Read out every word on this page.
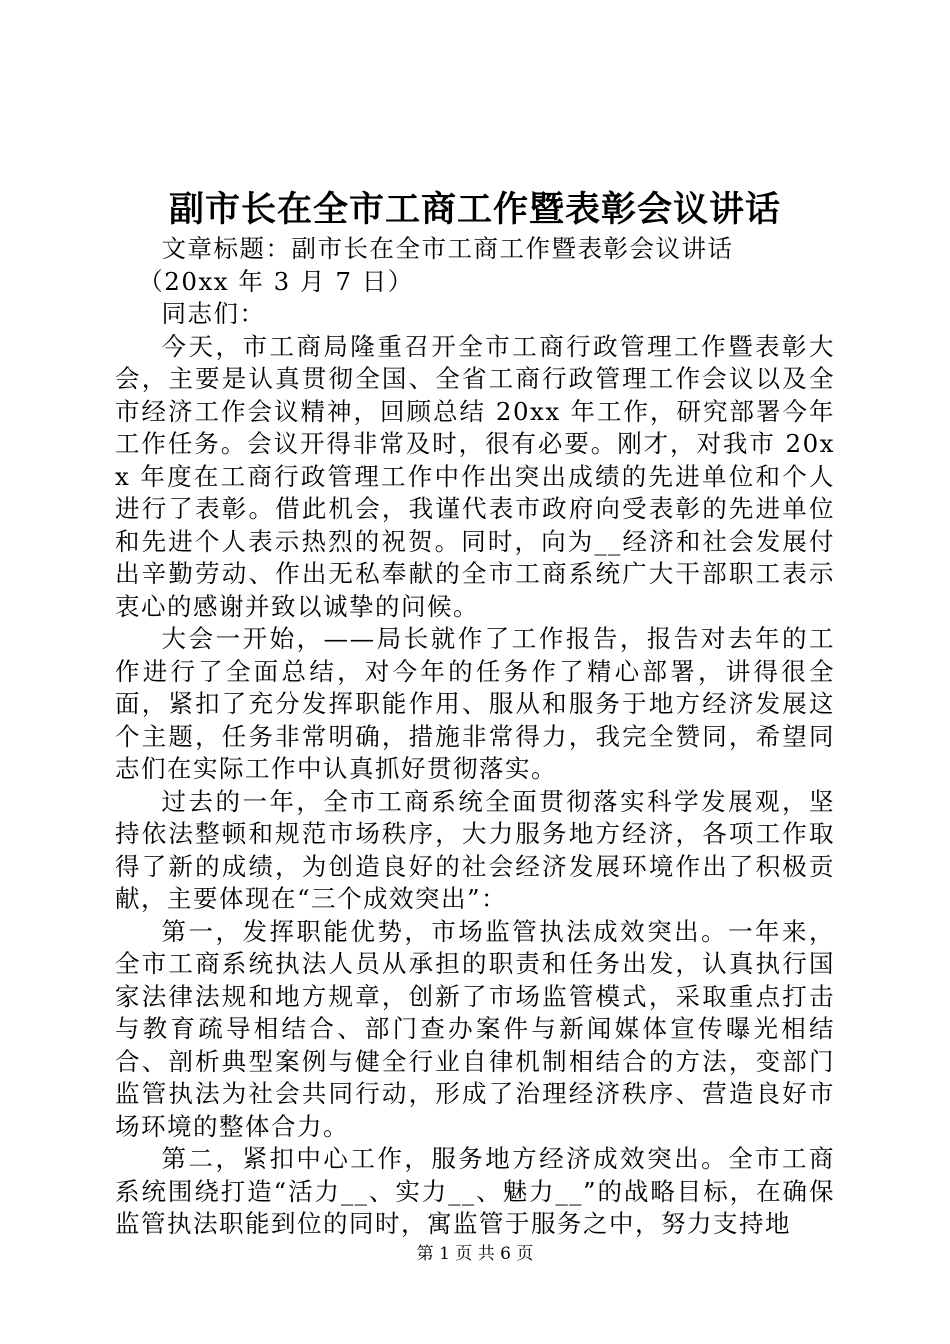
副市长在全市工商工作暨表彰会议讲话

文章标题：副市长在全市工商工作暨表彰会议讲话

（20xx 年 3 月 7 日）

同志们：

今天，市工商局隆重召开全市工商行政管理工作暨表彰大会，主要是认真贯彻全国、全省工商行政管理工作会议以及全市经济工作会议精神，回顾总结 20xx 年工作，研究部署今年工作任务。会议开得非常及时，很有必要。刚才，对我市 20xx 年度在工商行政管理工作中作出突出成绩的先进单位和个人进行了表彰。借此机会，我谨代表市政府向受表彰的先进单位和先进个人表示热烈的祝贺。同时，向为__经济和社会发展付出辛勤劳动、作出无私奉献的全市工商系统广大干部职工表示衷心的感谢并致以诚挚的问候。

大会一开始，——局长就作了工作报告，报告对去年的工作进行了全面总结，对今年的任务作了精心部署，讲得很全面，紧扣了充分发挥职能作用、服从和服务于地方经济发展这个主题，任务非常明确，措施非常得力，我完全赞同，希望同志们在实际工作中认真抓好贯彻落实。

过去的一年，全市工商系统全面贯彻落实科学发展观，坚持依法整顿和规范市场秩序，大力服务地方经济，各项工作取得了新的成绩，为创造良好的社会经济发展环境作出了积极贡献，主要体现在“三个成效突出”：

第一，发挥职能优势，市场监管执法成效突出。一年来，全市工商系统执法人员从承担的职责和任务出发，认真执行国家法律法规和地方规章，创新了市场监管模式，采取重点打击与教育疏导相结合、部门查办案件与新闻媒体宣传曝光相结合、剖析典型案例与健全行业自律机制相结合的方法，变部门监管执法为社会共同行动，形成了治理经济秩序、营造良好市场环境的整体合力。

第二，紧扣中心工作，服务地方经济成效突出。全市工商系统围绕打造“活力__、实力__、魅力__”的战略目标，在确保监管执法职能到位的同时，寓监管于服务之中，努力支持地

第 1 页 共 6 页
